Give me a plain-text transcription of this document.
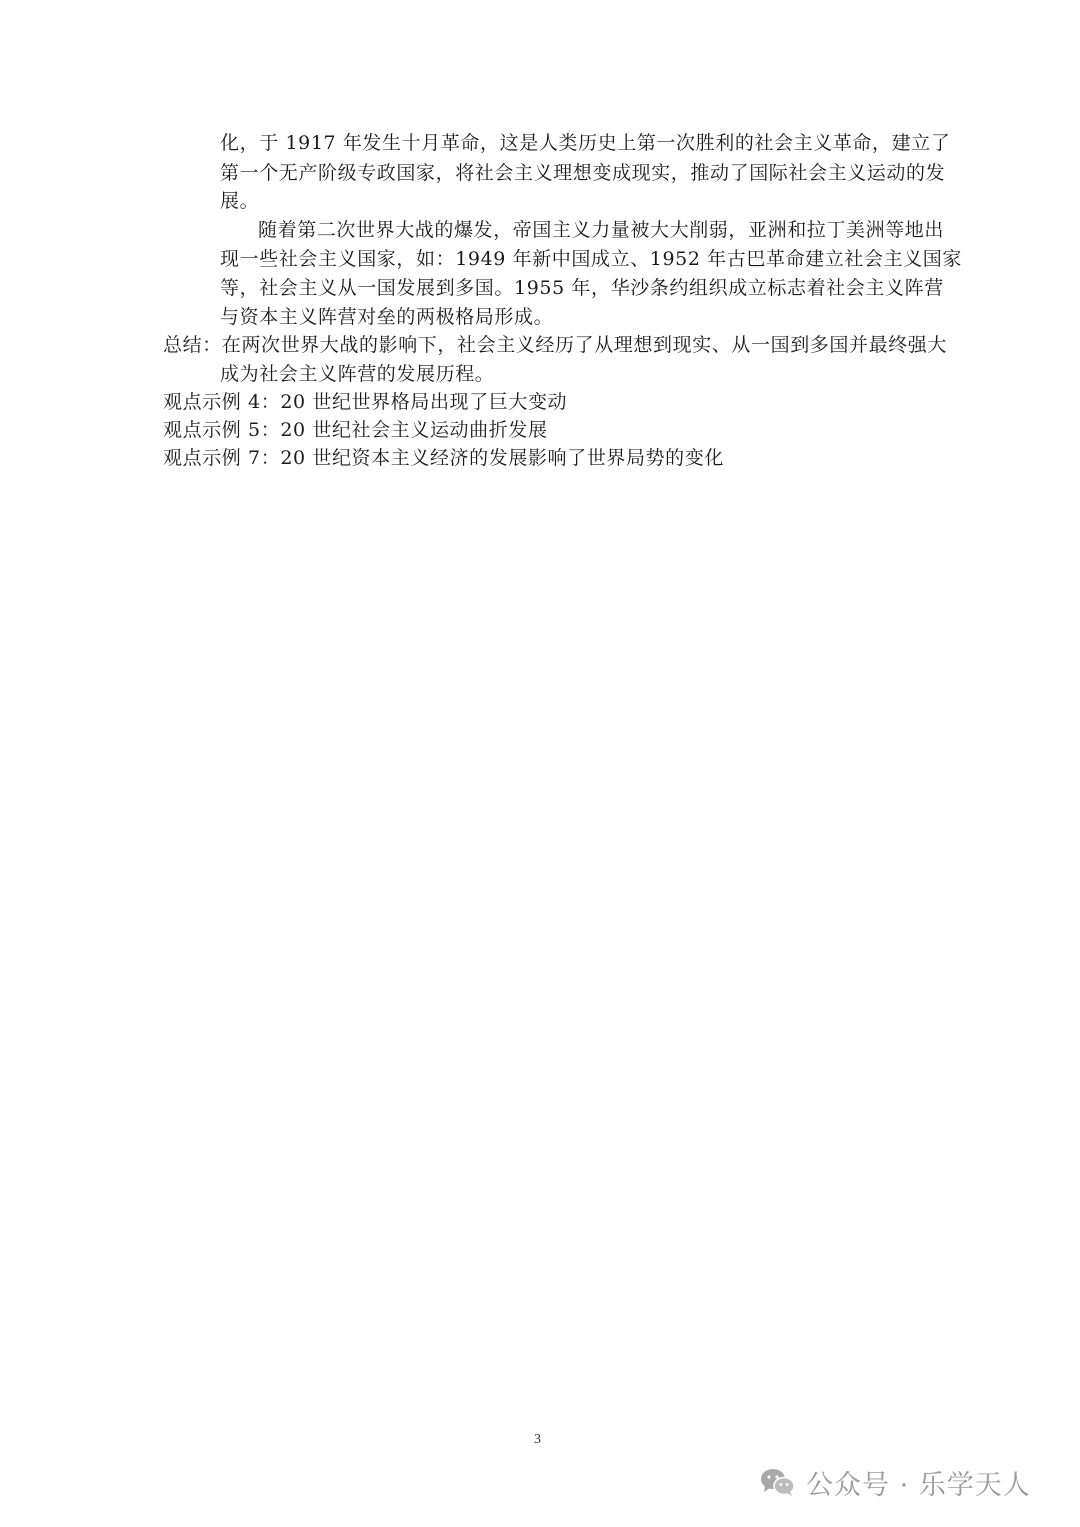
化，于 1917 年发生十月革命，这是人类历史上第一次胜利的社会主义革命，建立了
第一个无产阶级专政国家，将社会主义理想变成现实，推动了国际社会主义运动的发
展。
随着第二次世界大战的爆发，帝国主义力量被大大削弱，亚洲和拉丁美洲等地出
现一些社会主义国家，如：1949 年新中国成立、1952 年古巴革命建立社会主义国家
等，社会主义从一国发展到多国。1955 年，华沙条约组织成立标志着社会主义阵营
与资本主义阵营对垒的两极格局形成。
总结：在两次世界大战的影响下，社会主义经历了从理想到现实、从一国到多国并最终强大
成为社会主义阵营的发展历程。
观点示例 4：20 世纪世界格局出现了巨大变动
观点示例 5：20 世纪社会主义运动曲折发展
观点示例 7：20 世纪资本主义经济的发展影响了世界局势的变化
3
公众号 · 乐学天人
